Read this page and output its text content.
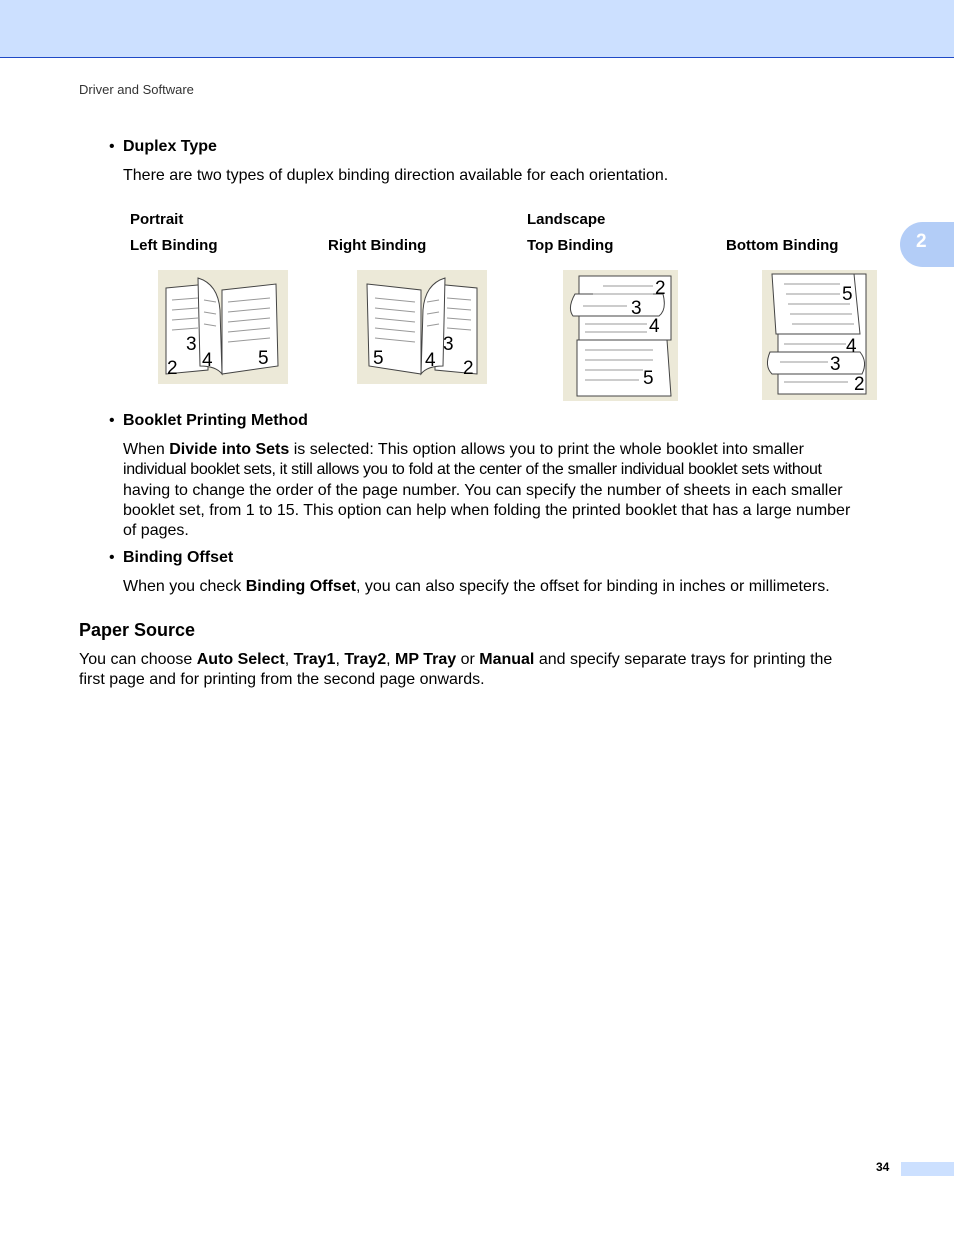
Driver and Software
2
• Duplex Type
There are two types of duplex binding direction available for each orientation.
Portrait	Landscape
Left Binding	Right Binding	Top Binding	Bottom Binding
3
2 4 5
3
5 4 2
2
3
4
5
5
4
3
2
• Booklet Printing Method
When Divide into Sets is selected: This option allows you to print the whole booklet into smaller
individual booklet sets, it still allows you to fold at the center of the smaller individual booklet sets without
having to change the order of the page number. You can specify the number of sheets in each smaller
booklet set, from 1 to 15. This option can help when folding the printed booklet that has a large number
of pages.
• Binding Offset
When you check Binding Offset, you can also specify the offset for binding in inches or millimeters.
Paper Source
You can choose Auto Select, Tray1, Tray2, MP Tray or Manual and specify separate trays for printing the
first page and for printing from the second page onwards.
34
